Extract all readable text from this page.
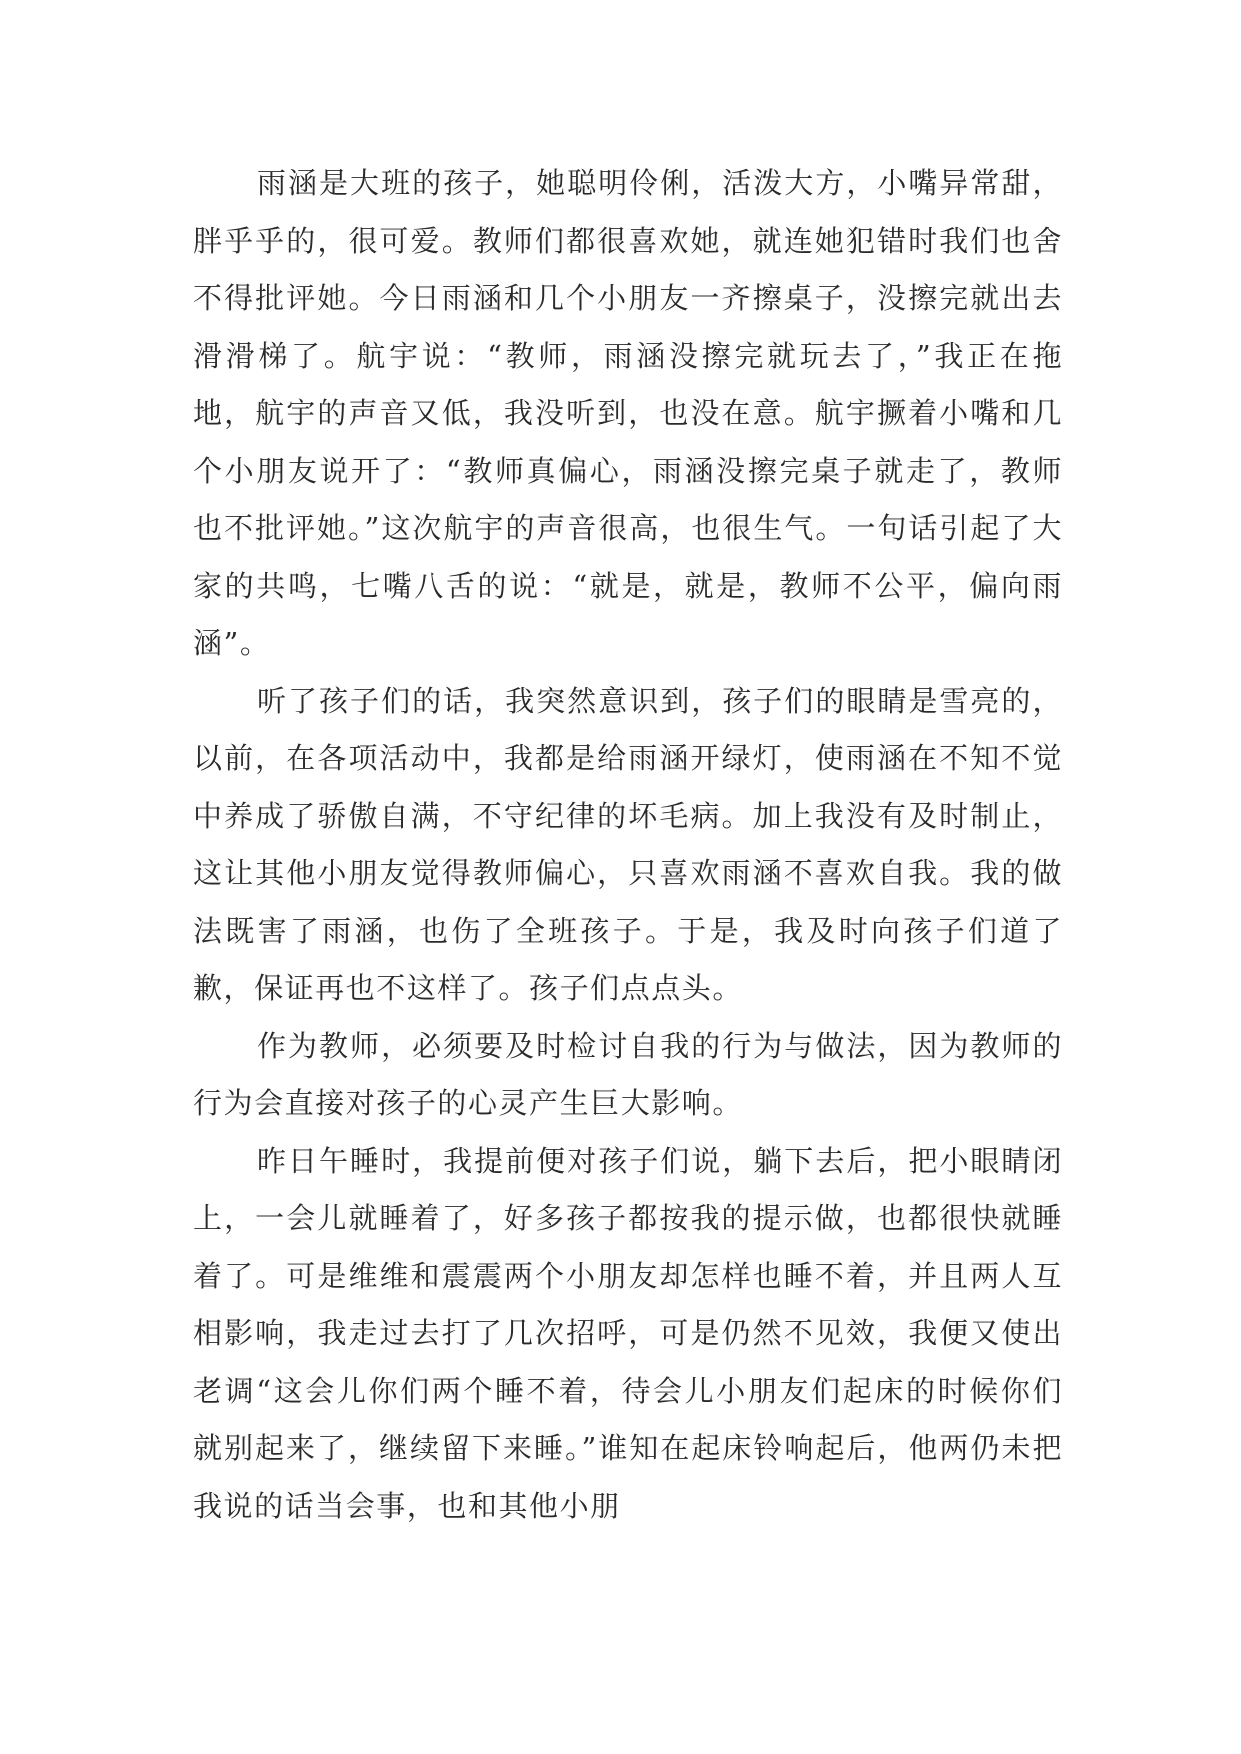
雨涵是大班的孩子，她聪明伶俐，活泼大方，小嘴异常甜，胖乎乎的，很可爱。教师们都很喜欢她，就连她犯错时我们也舍不得批评她。今日雨涵和几个小朋友一齐擦桌子，没擦完就出去滑滑梯了。航宇说：“教师，雨涵没擦完就玩去了，”我正在拖地，航宇的声音又低，我没听到，也没在意。航宇撅着小嘴和几个小朋友说开了：“教师真偏心，雨涵没擦完桌子就走了，教师也不批评她。”这次航宇的声音很高，也很生气。一句话引起了大家的共鸣，七嘴八舌的说：“就是，就是，教师不公平，偏向雨涵”。

听了孩子们的话，我突然意识到，孩子们的眼睛是雪亮的，以前，在各项活动中，我都是给雨涵开绿灯，使雨涵在不知不觉中养成了骄傲自满，不守纪律的坏毛病。加上我没有及时制止，这让其他小朋友觉得教师偏心，只喜欢雨涵不喜欢自我。我的做法既害了雨涵，也伤了全班孩子。于是，我及时向孩子们道了歉，保证再也不这样了。孩子们点点头。

作为教师，必须要及时检讨自我的行为与做法，因为教师的行为会直接对孩子的心灵产生巨大影响。

昨日午睡时，我提前便对孩子们说，躺下去后，把小眼睛闭上，一会儿就睡着了，好多孩子都按我的提示做，也都很快就睡着了。可是维维和震震两个小朋友却怎样也睡不着，并且两人互相影响，我走过去打了几次招呼，可是仍然不见效，我便又使出老调“这会儿你们两个睡不着，待会儿小朋友们起床的时候你们就别起来了，继续留下来睡。”谁知在起床铃响起后，他两仍未把我说的话当会事，也和其他小朋
